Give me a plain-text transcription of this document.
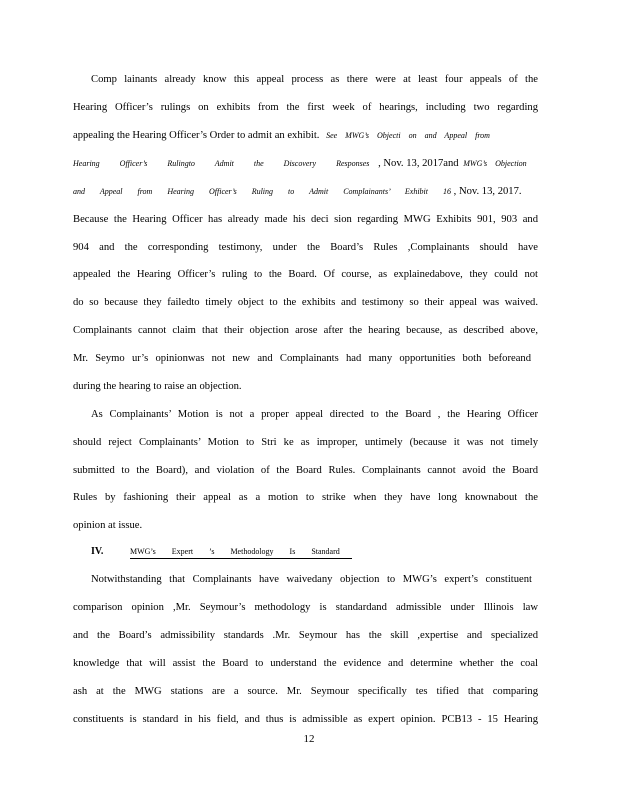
Comp lainants already know this appeal process as there were at least four appeals of the
Hearing Officer’s rulings on exhibits from the first week of hearings, including two regarding
appealing the Hearing Officer’s Order to admit an exhibit. See MWG’s Objecti on and Appeal from
Hearing Officer’s Rulingto Admit the Discovery Responses , Nov. 13, 2017and MWG’s Objection
and Appeal from Hearing Officer’s Ruling to Admit Complainants’ Exhibit 16 , Nov. 13, 2017.
Because the Hearing Officer has already made his deci sion regarding MWG Exhibits 901, 903 and
904 and the corresponding testimony, under the Board’s Rules ,Complainants should have
appealed the Hearing Officer’s ruling to the Board. Of course, as explainedabove, they could not
do so because they failedto timely object to the exhibits and testimony so their appeal was waived.
Complainants cannot claim that their objection arose after the hearing because, as described above,
Mr. Seymo ur’s opinionwas not new and Complainants had many opportunities both beforeand
during the hearing to raise an objection.
As Complainants’ Motion is not a proper appeal directed to the Board , the Hearing Officer
should reject Complainants’ Motion to Stri ke as improper, untimely (because it was not timely
submitted to the Board), and violation of the Board Rules. Complainants cannot avoid the Board
Rules by fashioning their appeal as a motion to strike when they have long knownabout the
opinion at issue.
IV.	MWG’s Expert ’s Methodology Is Standard
Notwithstanding that Complainants have waivedany objection to MWG’s expert’s constituent
comparison opinion ,Mr. Seymour’s methodology is standardand admissible under Illinois law
and the Board’s admissibility standards .Mr. Seymour has the skill ,expertise and specialized
knowledge that will assist the Board to understand the evidence and determine whether the coal
ash at the MWG stations are a source. Mr. Seymour specifically tes tified that comparing
constituents is standard in his field, and thus is admissible as expert opinion. PCB13 - 15 Hearing
12
